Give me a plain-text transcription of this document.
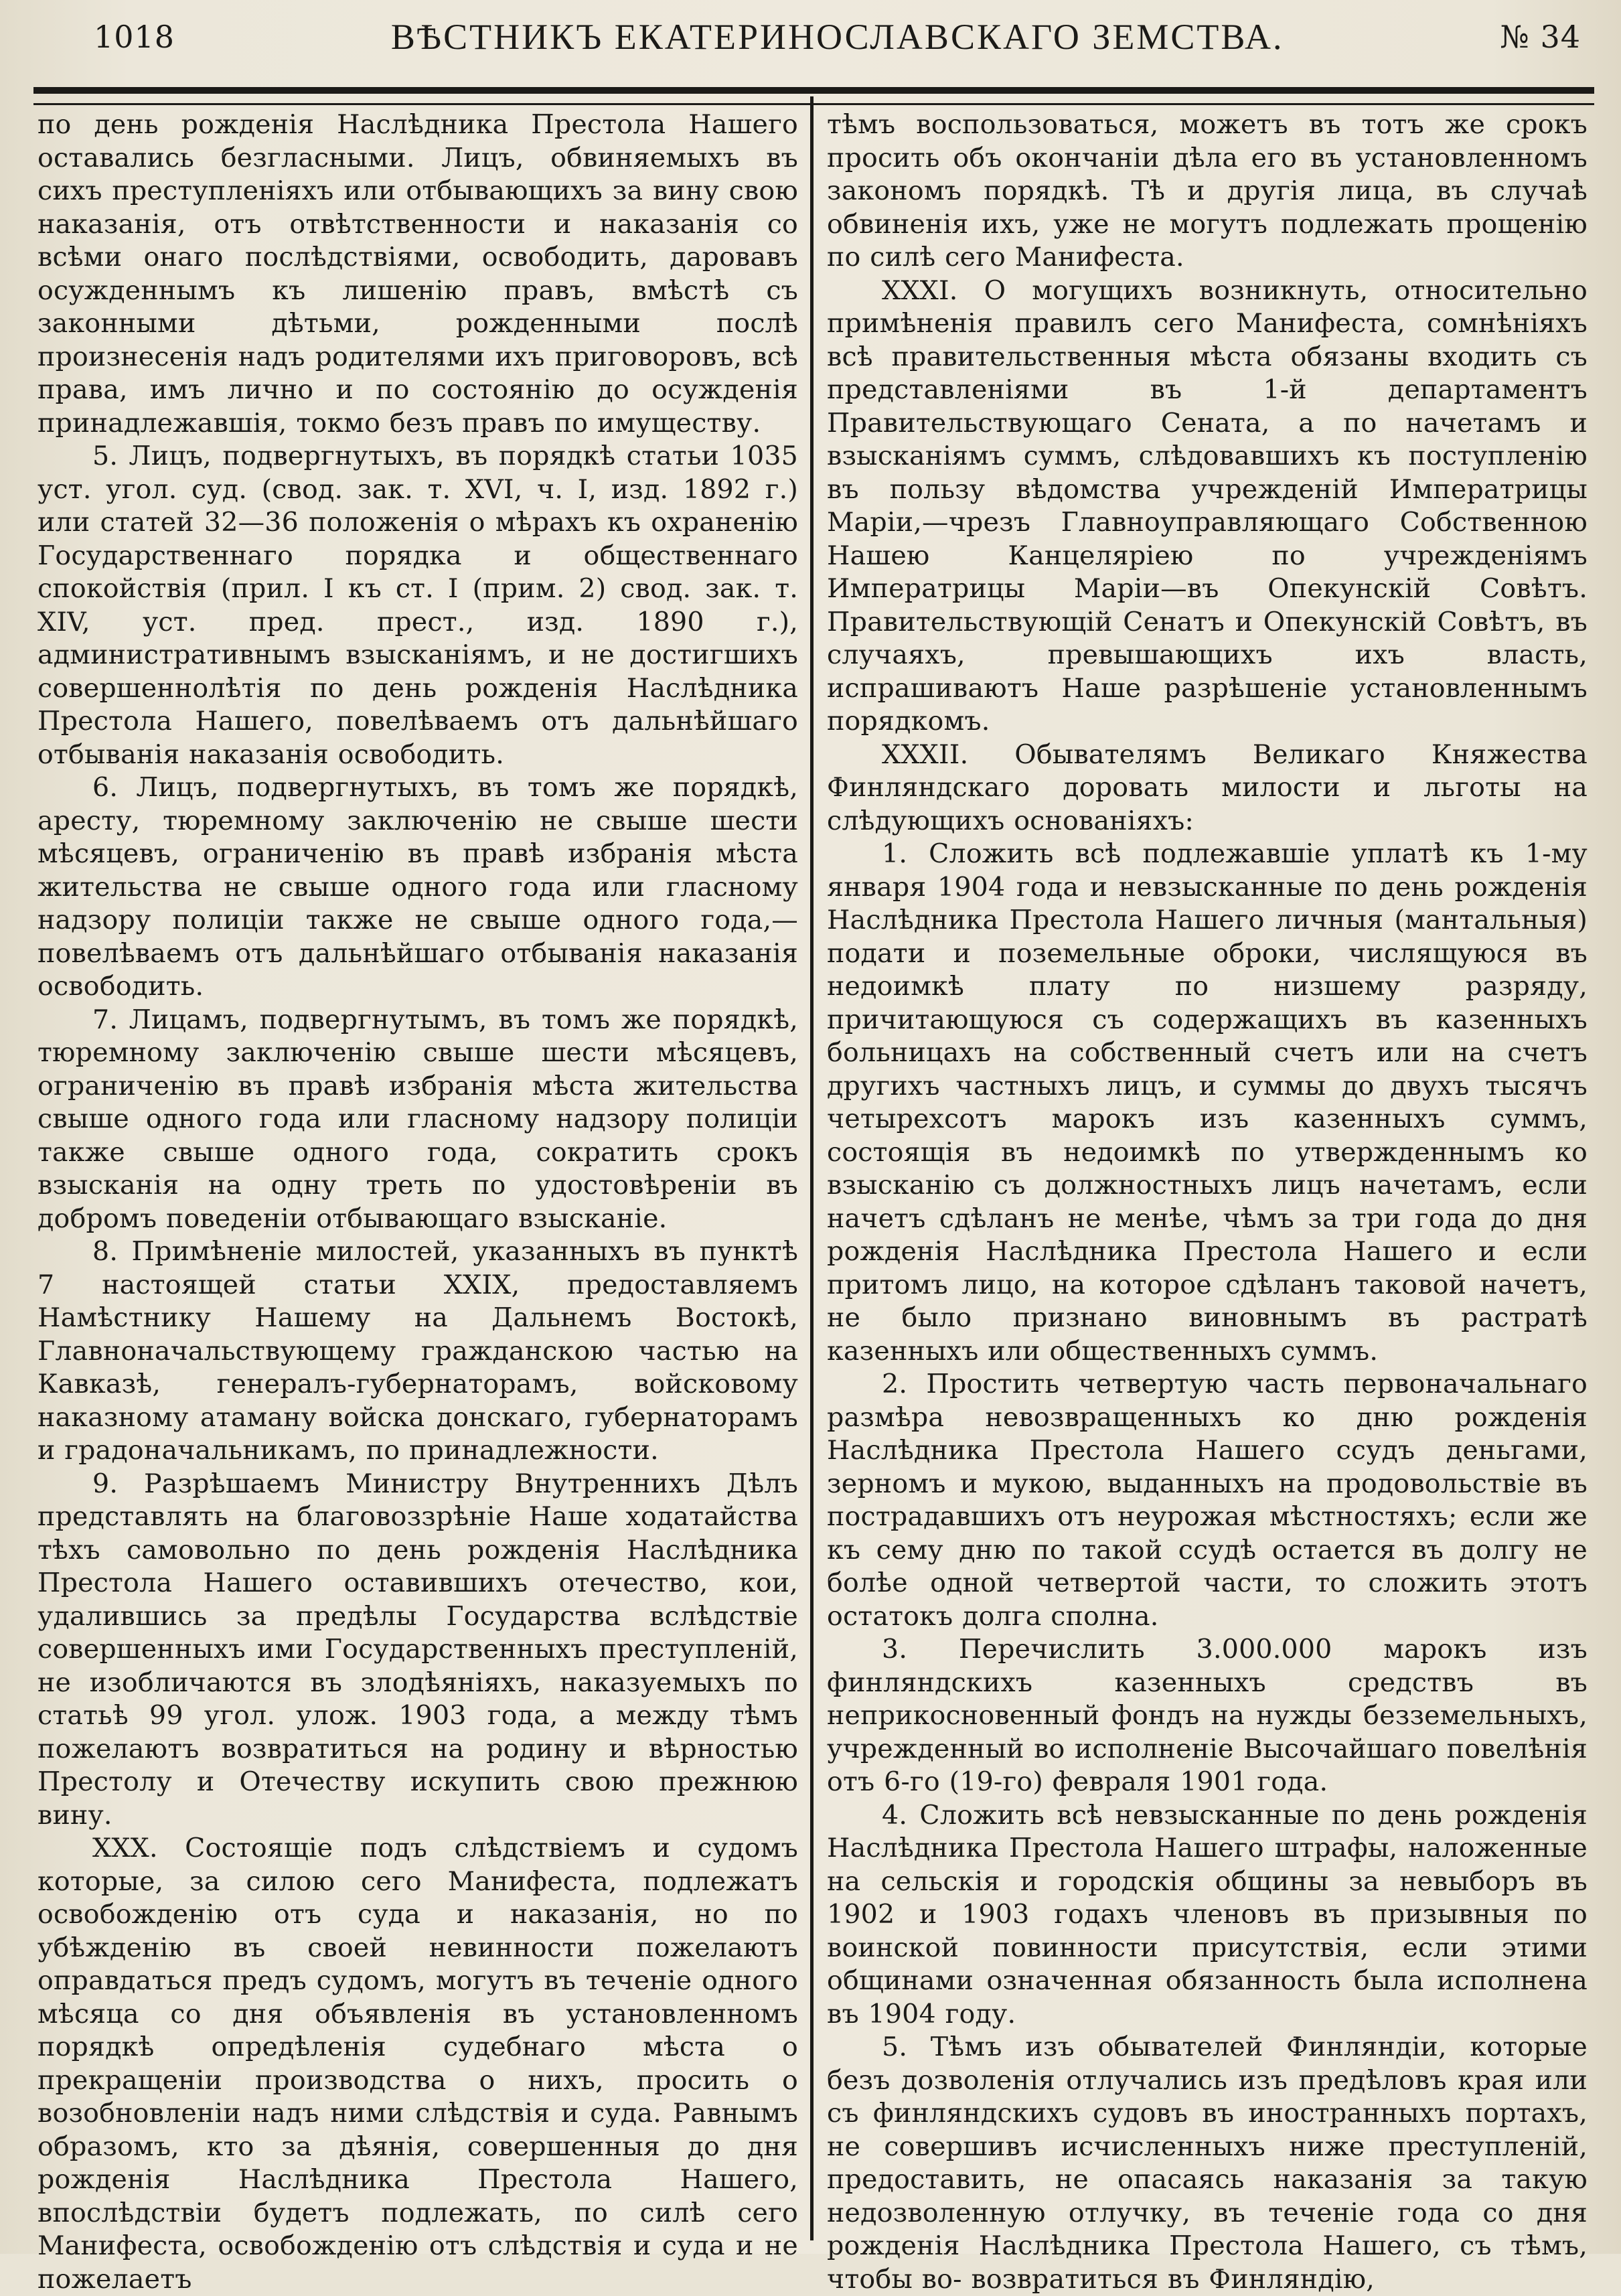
1018	ВѢСТНИКЪ ЕКАТЕРИНОСЛАВСКАГО ЗЕМСТВА.	№ 34

по день рожденія Наслѣдника Престола Нашего оставались безгласными. Лицъ, обвиняемыхъ въ сихъ преступленіяхъ или отбывающихъ за вину свою наказанія, отъ отвѣтственности и наказанія со всѣми онаго послѣдствіями, освободить, даровавъ осужденнымъ къ лишенію правъ, вмѣстѣ съ законными дѣтьми, рожденными послѣ произнесенія надъ родителями ихъ приговоровъ, всѣ права, имъ лично и по состоянію до осужденія принадлежавшія, токмо безъ правъ по имуществу.

5. Лицъ, подвергнутыхъ, въ порядкѣ статьи 1035 уст. угол. суд. (свод. зак. т. XVI, ч. I, изд. 1892 г.) или статей 32—36 положенія о мѣрахъ къ охраненію Государственнаго порядка и общественнаго спокойствія (прил. I къ ст. I (прим. 2) свод. зак. т. XIV, уст. пред. прест., изд. 1890 г.), административнымъ взысканіямъ, и не достигшихъ совершеннолѣтія по день рожденія Наслѣдника Престола Нашего, повелѣваемъ отъ дальнѣйшаго отбыванія наказанія освободить.

6. Лицъ, подвергнутыхъ, въ томъ же порядкѣ, аресту, тюремному заключенію не свыше шести мѣсяцевъ, ограниченію въ правѣ избранія мѣста жительства не свыше одного года или гласному надзору полиціи также не свыше одного года,—повелѣваемъ отъ дальнѣйшаго отбыванія наказанія освободить.

7. Лицамъ, подвергнутымъ, въ томъ же порядкѣ, тюремному заключенію свыше шести мѣсяцевъ, ограниченію въ правѣ избранія мѣста жительства свыше одного года или гласному надзору полиціи также свыше одного года, сократить срокъ взысканія на одну треть по удостовѣреніи въ добромъ поведеніи отбывающаго взысканіе.

8. Примѣненіе милостей, указанныхъ въ пунктѣ 7 настоящей статьи XXIX, предоставляемъ Намѣстнику Нашему на Дальнемъ Востокѣ, Главноначальствующему гражданскою частью на Кавказѣ, генералъ-губернаторамъ, войсковому наказному атаману войска донскаго, губернаторамъ и градоначальникамъ, по принадлежности.

9. Разрѣшаемъ Министру Внутреннихъ Дѣлъ представлять на благовоззрѣніе Наше ходатайства тѣхъ самовольно по день рожденія Наслѣдника Престола Нашего оставившихъ отечество, кои, удалившись за предѣлы Государства вслѣдствіе совершенныхъ ими Государственныхъ преступленій, не изобличаются въ злодѣяніяхъ, наказуемыхъ по статьѣ 99 угол. улож. 1903 года, а между тѣмъ пожелаютъ возвратиться на родину и вѣрностью Престолу и Отечеству искупить свою прежнюю вину.

XXX. Состоящіе подъ слѣдствіемъ и судомъ которые, за силою сего Манифеста, подлежатъ освобожденію отъ суда и наказанія, но по убѣжденію въ своей невинности пожелаютъ оправдаться предъ судомъ, могутъ въ теченіе одного мѣсяца со дня объявленія въ установленномъ порядкѣ опредѣленія судебнаго мѣста о прекращеніи производства о нихъ, просить о возобновленіи надъ ними слѣдствія и суда. Равнымъ образомъ, кто за дѣянія, совершенныя до дня рожденія Наслѣдника Престола Нашего, впослѣдствіи будетъ подлежать, по силѣ сего Манифеста, освобожденію отъ слѣдствія и суда и не пожелаетъ

тѣмъ воспользоваться, можетъ въ тотъ же срокъ просить объ окончаніи дѣла его въ установленномъ закономъ порядкѣ. Тѣ и другія лица, въ случаѣ обвиненія ихъ, уже не могутъ подлежать прощенію по силѣ сего Манифеста.

XXXI. О могущихъ возникнуть, относительно примѣненія правилъ сего Манифеста, сомнѣніяхъ всѣ правительственныя мѣста обязаны входить съ представленіями въ 1-й департаментъ Правительствующаго Сената, а по начетамъ и взысканіямъ суммъ, слѣдовавшихъ къ поступленію въ пользу вѣдомства учрежденій Императрицы Маріи,—чрезъ Главноуправляющаго Собственною Нашею Канцеляріею по учрежденіямъ Императрицы Маріи—въ Опекунскій Совѣтъ. Правительствующій Сенатъ и Опекунскій Совѣтъ, въ случаяхъ, превышающихъ ихъ власть, испрашиваютъ Наше разрѣшеніе установленнымъ порядкомъ.

XXXII. Обывателямъ Великаго Княжества Финляндскаго доровать милости и льготы на слѣдующихъ основаніяхъ:

1. Сложить всѣ подлежавшіе уплатѣ къ 1-му января 1904 года и невзысканные по день рожденія Наслѣдника Престола Нашего личныя (мантальныя) подати и поземельные оброки, числящуюся въ недоимкѣ плату по низшему разряду, причитающуюся съ содержащихъ въ казенныхъ больницахъ на собственный счетъ или на счетъ другихъ частныхъ лицъ, и суммы до двухъ тысячъ четырехсотъ марокъ изъ казенныхъ суммъ, состоящія въ недоимкѣ по утвержденнымъ ко взысканію съ должностныхъ лицъ начетамъ, если начетъ сдѣланъ не менѣе, чѣмъ за три года до дня рожденія Наслѣдника Престола Нашего и если притомъ лицо, на которое сдѣланъ таковой начетъ, не было признано виновнымъ въ растратѣ казенныхъ или общественныхъ суммъ.

2. Простить четвертую часть первоначальнаго размѣра невозвращенныхъ ко дню рожденія Наслѣдника Престола Нашего ссудъ деньгами, зерномъ и мукою, выданныхъ на продовольствіе въ пострадавшихъ отъ неурожая мѣстностяхъ; если же къ сему дню по такой ссудѣ остается въ долгу не болѣе одной четвертой части, то сложить этотъ остатокъ долга сполна.

3. Перечислить 3.000.000 марокъ изъ финляндскихъ казенныхъ средствъ въ неприкосновенный фондъ на нужды безземельныхъ, учрежденный во исполненіе Высочайшаго повелѣнія отъ 6-го (19-го) февраля 1901 года.

4. Сложить всѣ невзысканные по день рожденія Наслѣдника Престола Нашего штрафы, наложенные на сельскія и городскія общины за невыборъ въ 1902 и 1903 годахъ членовъ въ призывныя по воинской повинности присутствія, если этими общинами означенная обязанность была исполнена въ 1904 году.

5. Тѣмъ изъ обывателей Финляндіи, которые безъ дозволенія отлучались изъ предѣловъ края или съ финляндскихъ судовъ въ иностранныхъ портахъ, не совершивъ исчисленныхъ ниже преступленій, предоставить, не опасаясь наказанія за такую недозволенную отлучку, въ теченіе года со дня рожденія Наслѣдника Престола Нашего, съ тѣмъ, чтобы во- возвратиться въ Финляндію,
